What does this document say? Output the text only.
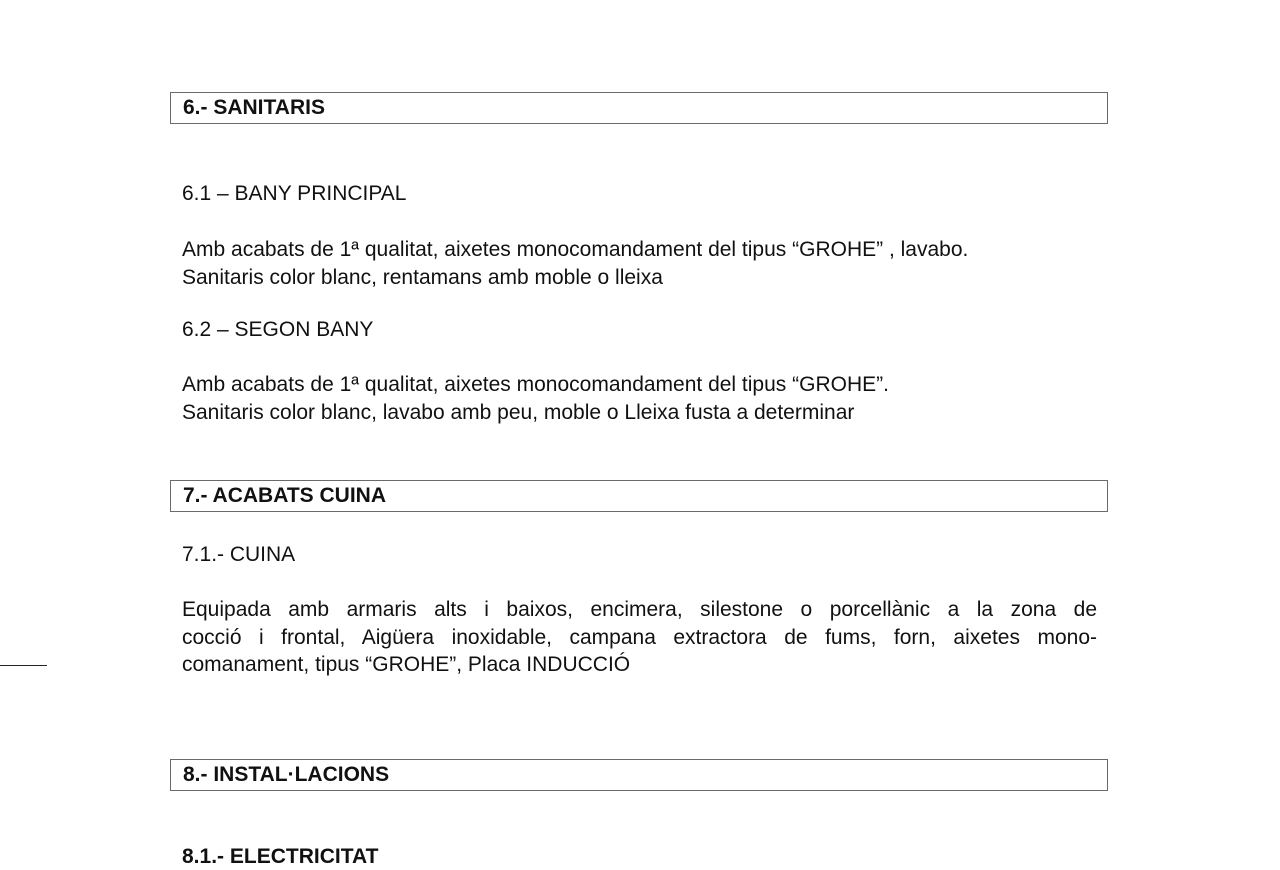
6.- SANITARIS
6.1 – BANY PRINCIPAL
Amb acabats de 1ª qualitat, aixetes monocomandament del tipus “GROHE” , lavabo.
Sanitaris color blanc, rentamans amb moble o lleixa
6.2 – SEGON BANY
Amb acabats de 1ª qualitat, aixetes monocomandament del tipus “GROHE”.
Sanitaris color blanc, lavabo amb peu, moble o Lleixa fusta a determinar
7.- ACABATS CUINA
7.1.- CUINA
Equipada amb armaris alts i baixos, encimera, silestone o porcellànic a la zona de
cocció i frontal, Aigüera inoxidable, campana extractora de fums, forn, aixetes mono-
comanament, tipus “GROHE”, Placa INDUCCIÓ
8.- INSTAL·LACIONS
8.1.- ELECTRICITAT
